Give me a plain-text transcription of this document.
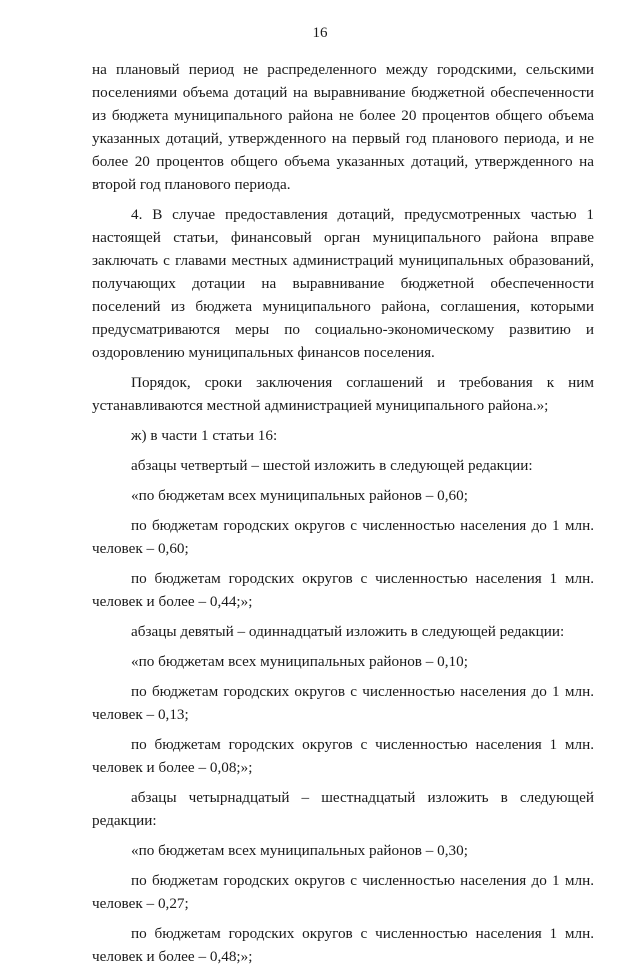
16

на плановый период не распределенного между городскими, сельскими поселениями объема дотаций на выравнивание бюджетной обеспеченности из бюджета муниципального района не более 20 процентов общего объема указанных дотаций, утвержденного на первый год планового периода, и не более 20 процентов общего объема указанных дотаций, утвержденного на второй год планового периода.

4. В случае предоставления дотаций, предусмотренных частью 1 настоящей статьи, финансовый орган муниципального района вправе заключать с главами местных администраций муниципальных образований, получающих дотации на выравнивание бюджетной обеспеченности поселений из бюджета муниципального района, соглашения, которыми предусматриваются меры по социально-экономическому развитию и оздоровлению муниципальных финансов поселения.

Порядок, сроки заключения соглашений и требования к ним устанавливаются местной администрацией муниципального района.»;

ж) в части 1 статьи 16:

абзацы четвертый – шестой изложить в следующей редакции:

«по бюджетам всех муниципальных районов – 0,60;

по бюджетам городских округов с численностью населения до 1 млн. человек – 0,60;

по бюджетам городских округов с численностью населения 1 млн. человек и более – 0,44;»;

абзацы девятый – одиннадцатый изложить в следующей редакции:

«по бюджетам всех муниципальных районов – 0,10;

по бюджетам городских округов с численностью населения до 1 млн. человек – 0,13;

по бюджетам городских округов с численностью населения 1 млн. человек и более – 0,08;»;

абзацы четырнадцатый – шестнадцатый изложить в следующей редакции:

«по бюджетам всех муниципальных районов – 0,30;

по бюджетам городских округов с численностью населения до 1 млн. человек – 0,27;

по бюджетам городских округов с численностью населения 1 млн. человек и более – 0,48;»;
